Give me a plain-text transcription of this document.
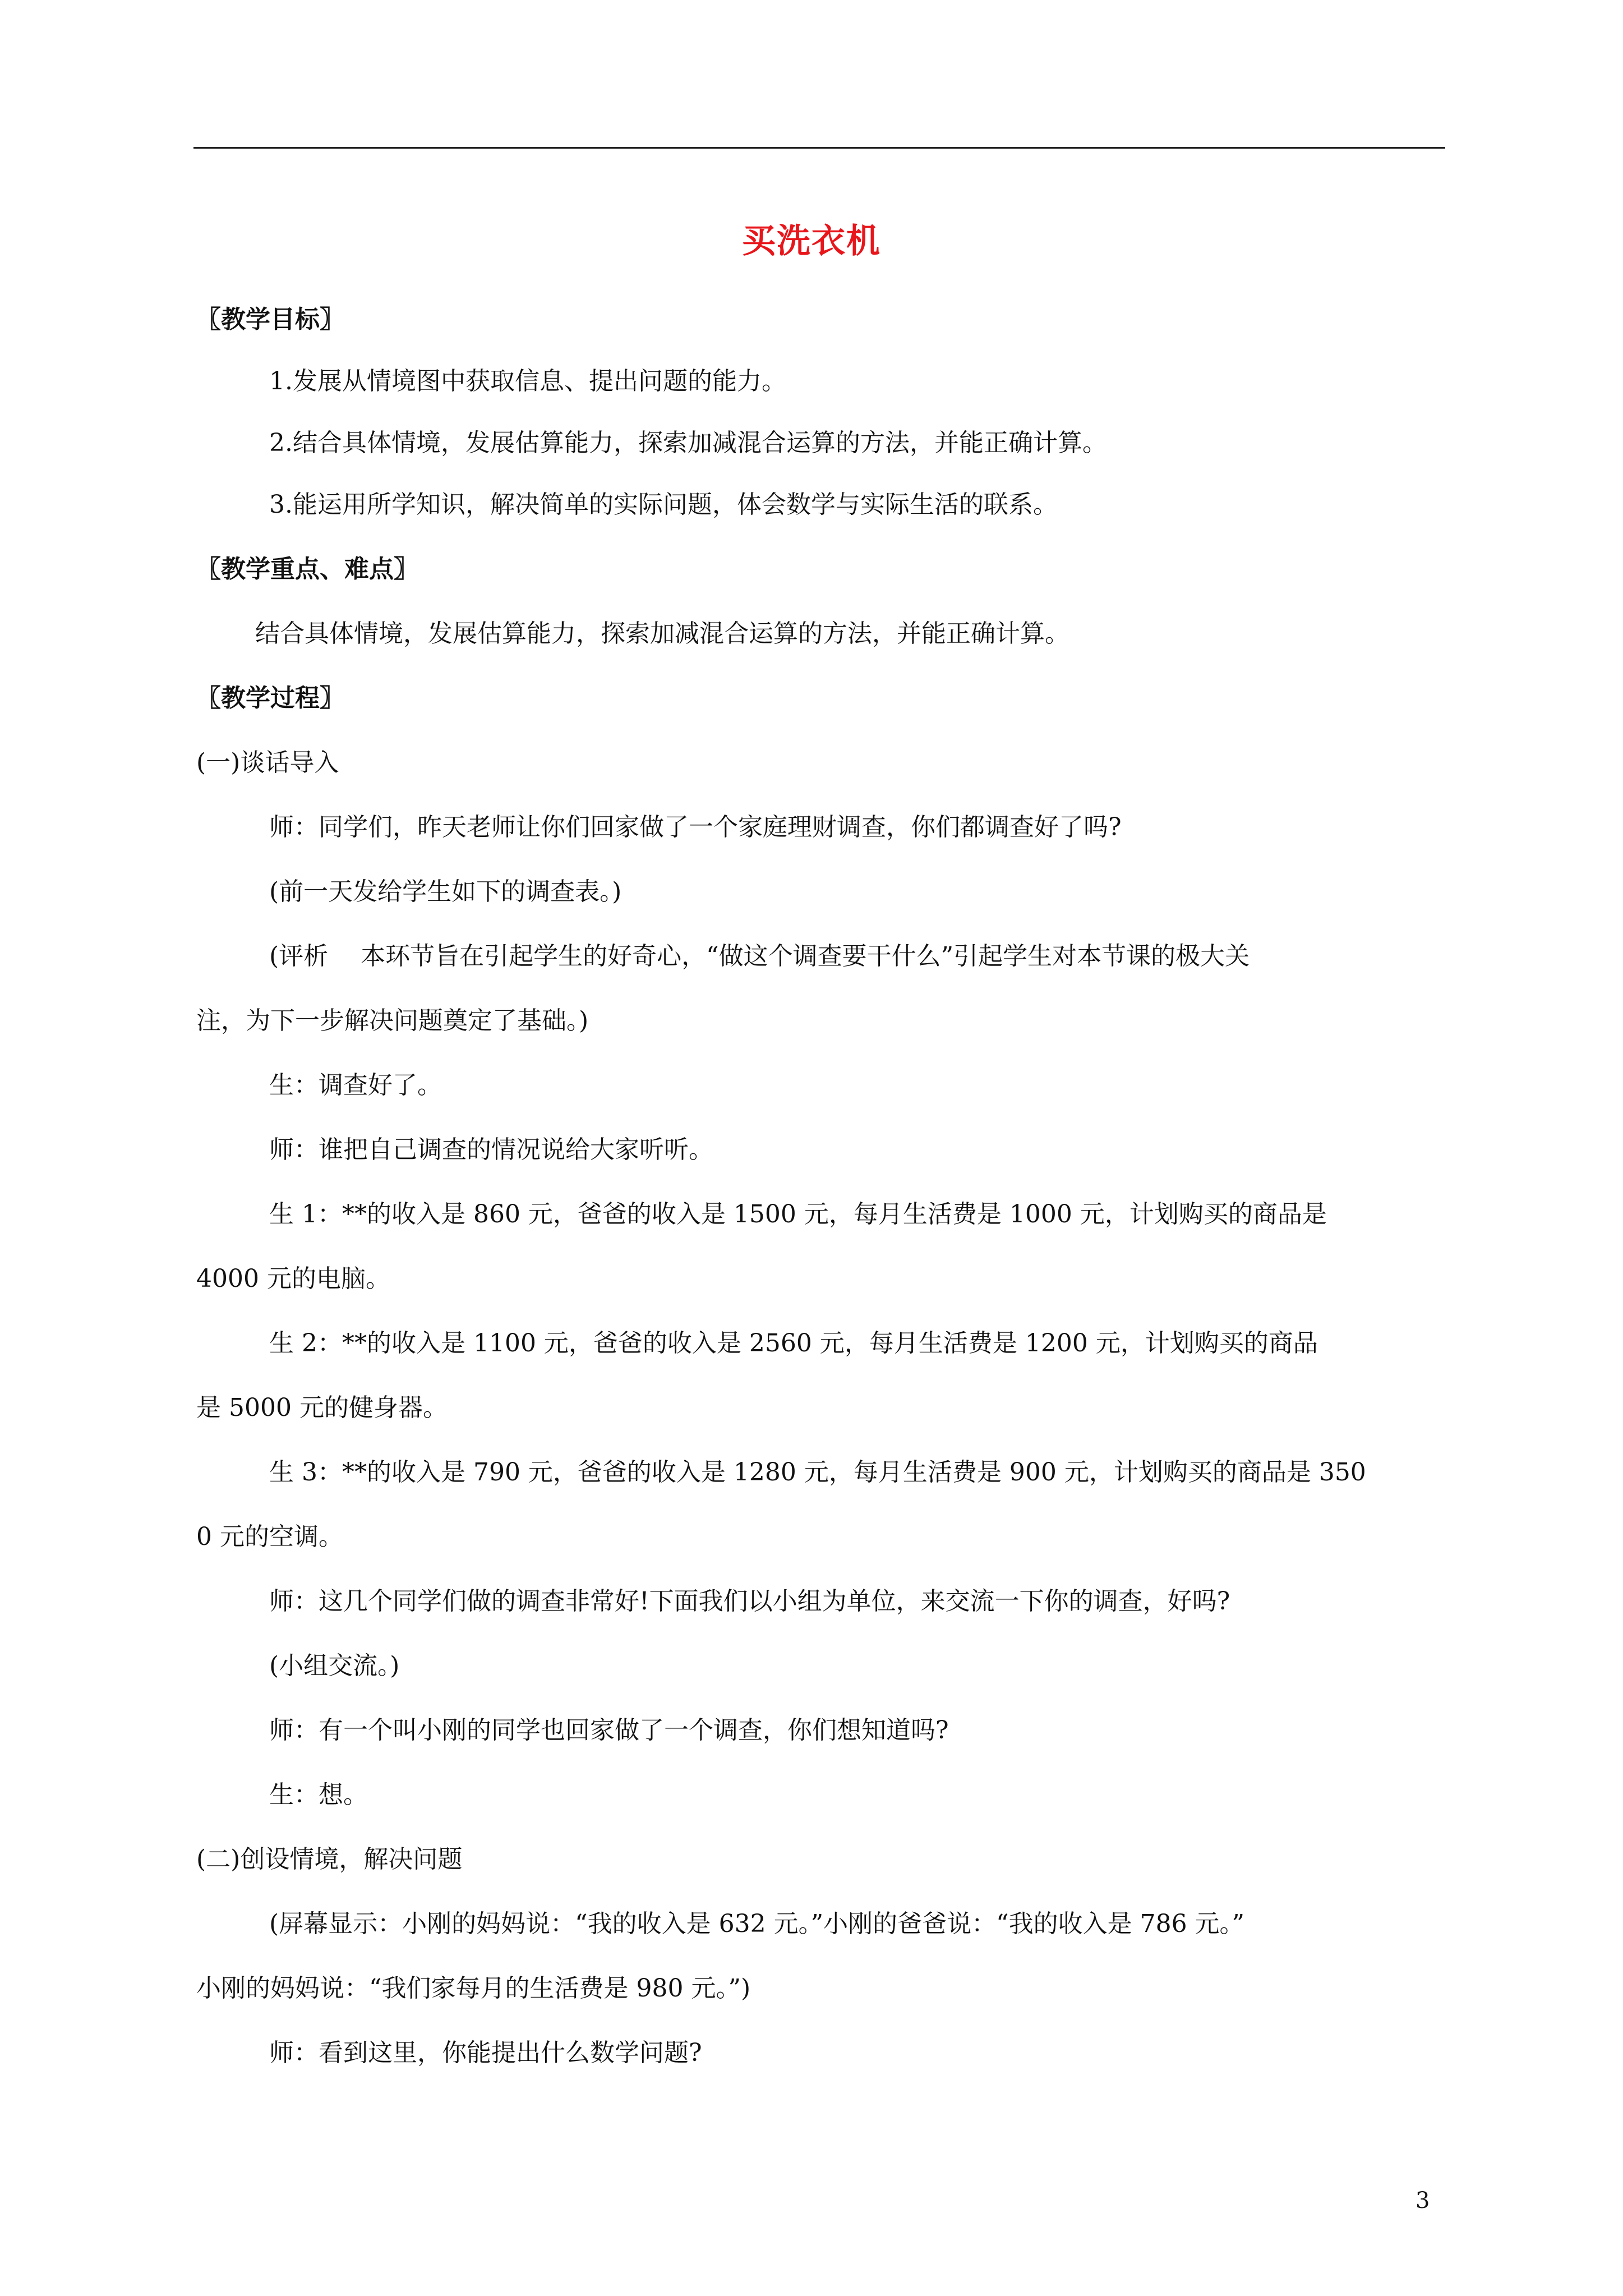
买洗衣机
〖教学目标〗
1.发展从情境图中获取信息、提出问题的能力。
2.结合具体情境，发展估算能力，探索加减混合运算的方法，并能正确计算。
3.能运用所学知识，解决简单的实际问题，体会数学与实际生活的联系。
〖教学重点、难点〗
结合具体情境，发展估算能力，探索加减混合运算的方法，并能正确计算。
〖教学过程〗
(一)谈话导入
师：同学们，昨天老师让你们回家做了一个家庭理财调查，你们都调查好了吗?
(前一天发给学生如下的调查表。)
(评析　 本环节旨在引起学生的好奇心，“做这个调查要干什么”引起学生对本节课的极大关
注，为下一步解决问题奠定了基础。)
生：调查好了。
师：谁把自己调查的情况说给大家听听。
生 1：**的收入是 860 元，爸爸的收入是 1500 元，每月生活费是 1000 元，计划购买的商品是
4000 元的电脑。
生 2：**的收入是 1100 元，爸爸的收入是 2560 元，每月生活费是 1200 元，计划购买的商品
是 5000 元的健身器。
生 3：**的收入是 790 元，爸爸的收入是 1280 元，每月生活费是 900 元，计划购买的商品是 350
0 元的空调。
师：这几个同学们做的调查非常好!下面我们以小组为单位，来交流一下你的调查，好吗?
(小组交流。)
师：有一个叫小刚的同学也回家做了一个调查，你们想知道吗?
生：想。
(二)创设情境，解决问题
(屏幕显示：小刚的妈妈说：“我的收入是 632 元。”小刚的爸爸说：“我的收入是 786 元。”
小刚的妈妈说：“我们家每月的生活费是 980 元。”)
师：看到这里，你能提出什么数学问题?
3
